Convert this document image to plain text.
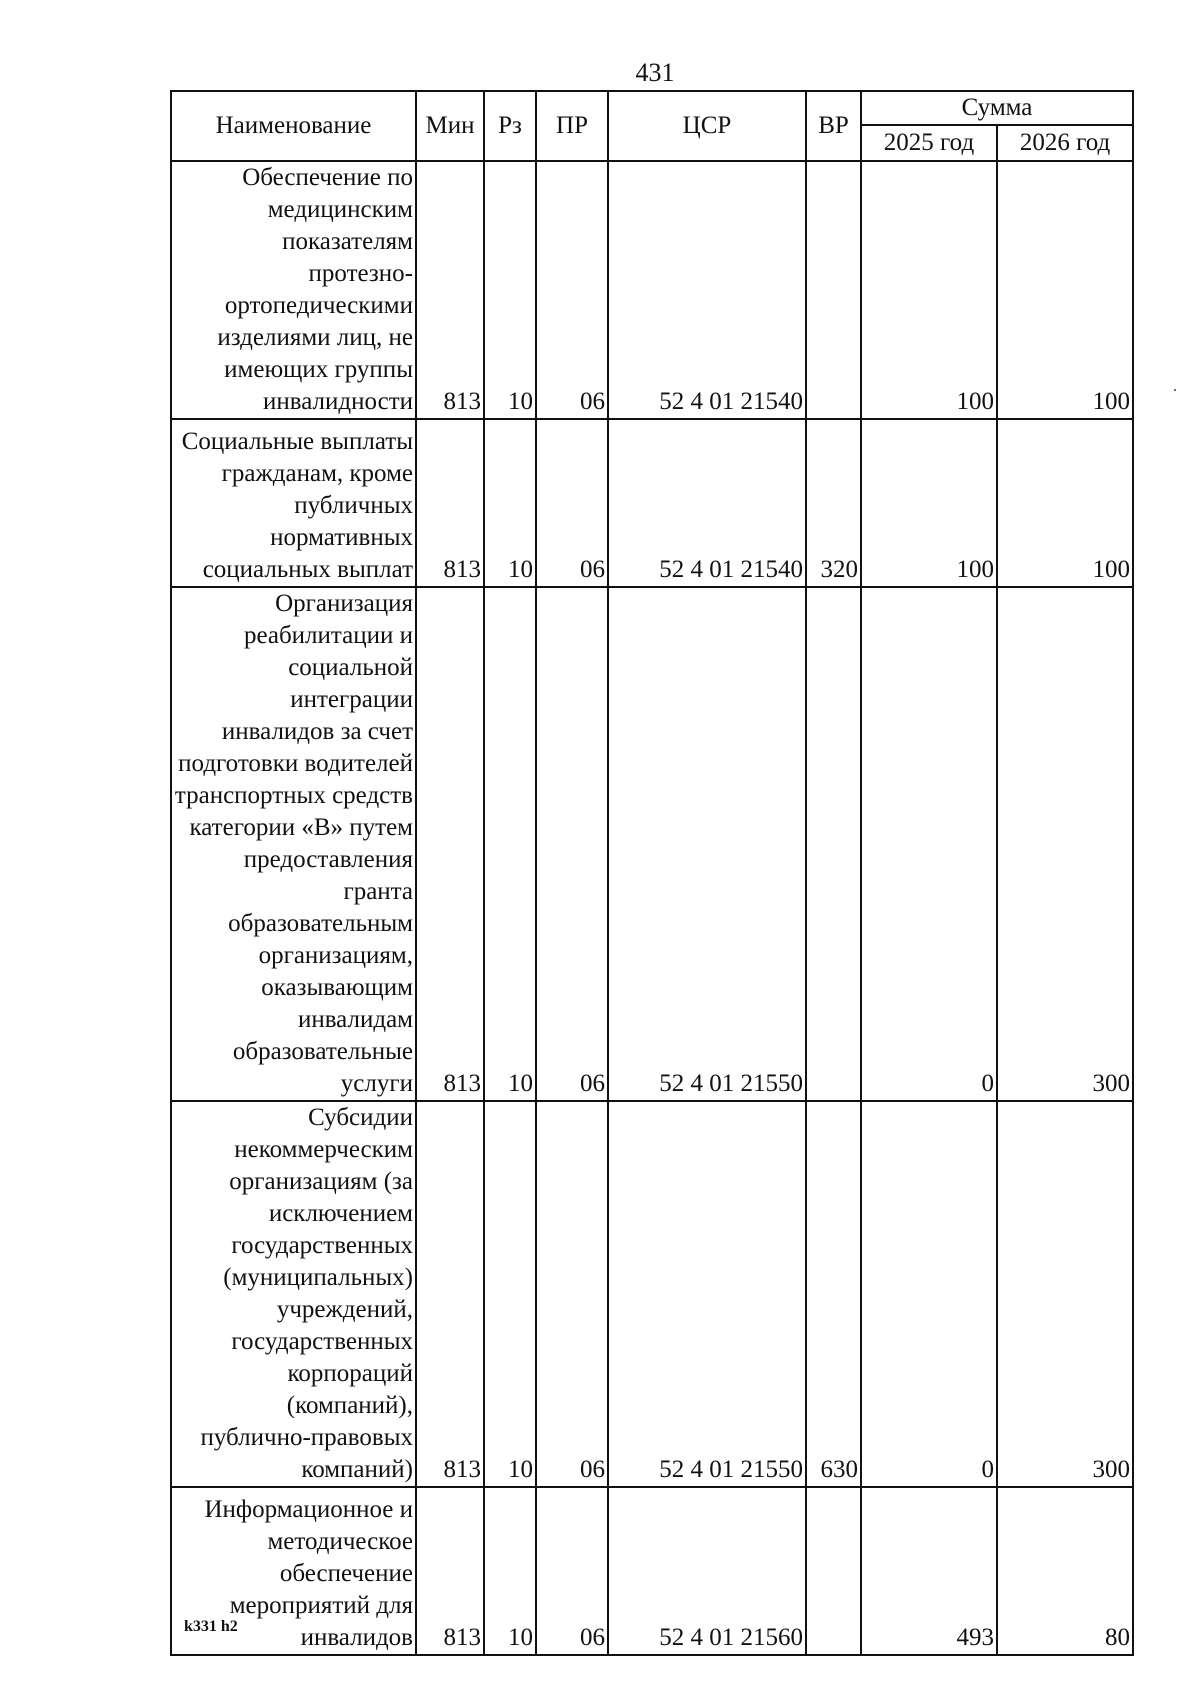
431
Наименование	Мин	Рз	ПР	ЦСР	ВР	Сумма	
						2025 год	2026 год

Обеспечение по медицинским показателям протезно-ортопедическими изделиями лиц, не имеющих группы инвалидности	813	10	06	52 4 01 21540		100	100

Социальные выплаты гражданам, кроме публичных нормативных социальных выплат	813	10	06	52 4 01 21540	320	100	100

Организация реабилитации и социальной интеграции инвалидов за счет подготовки водителей транспортных средств категории «В» путем предоставления гранта образовательным организациям, оказывающим инвалидам образовательные услуги	813	10	06	52 4 01 21550		0	300

Субсидии некоммерческим организациям (за исключением государственных (муниципальных) учреждений, государственных корпораций (компаний), публично-правовых компаний)	813	10	06	52 4 01 21550	630	0	300

Информационное и методическое обеспечение мероприятий для инвалидов	813	10	06	52 4 01 21560		493	80
k331 h2
·
